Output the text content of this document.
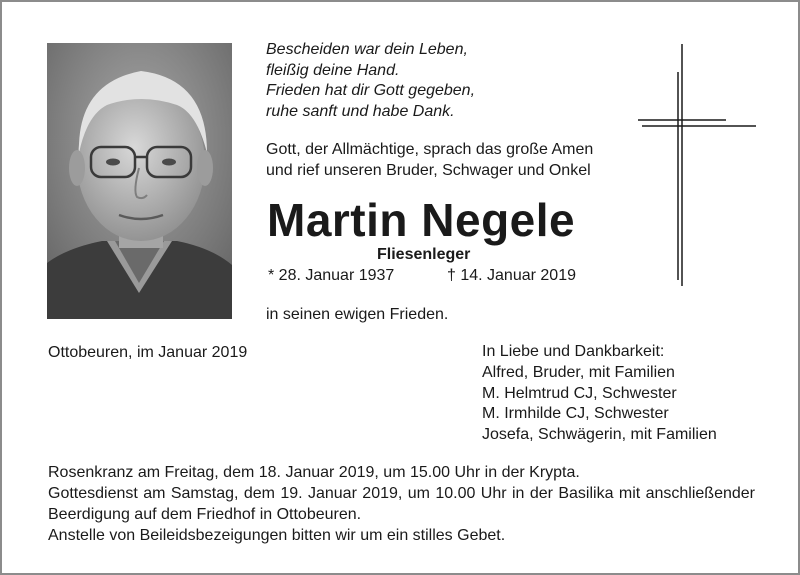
Bescheiden war dein Leben,
fleißig deine Hand.
Frieden hat dir Gott gegeben,
ruhe sanft und habe Dank.
Gott, der Allmächtige, sprach das große Amen
und rief unseren Bruder, Schwager und Onkel
Martin Negele
Fliesenleger
* 28. Januar 1937	† 14. Januar 2019
in seinen ewigen Frieden.
Ottobeuren, im Januar 2019	In Liebe und Dankbarkeit:
Alfred, Bruder, mit Familien
M. Helmtrud CJ, Schwester
M. Irmhilde CJ, Schwester
Josefa, Schwägerin, mit Familien
Rosenkranz am Freitag, dem 18. Januar 2019, um 15.00 Uhr in der Krypta.
Gottesdienst am Samstag, dem 19. Januar 2019, um 10.00 Uhr in der Basilika mit anschließender Beerdigung auf dem Friedhof in Ottobeuren.
Anstelle von Beileidsbezeigungen bitten wir um ein stilles Gebet.
